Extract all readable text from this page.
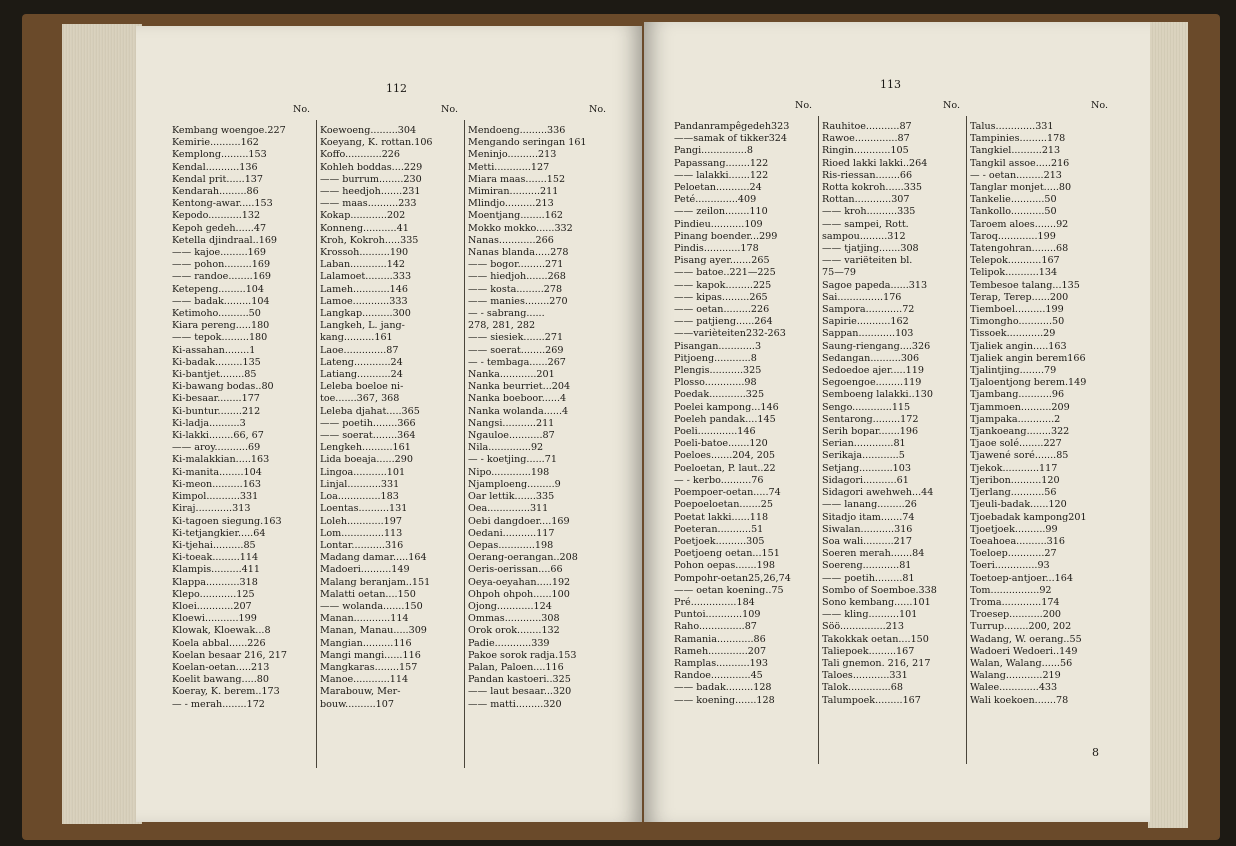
112
No.
Kembang woengoe.227
Kemirie..........162
Kemplong.........153
Kendal...........136
Kendal prit......137
Kendarah.........86
Kentong-awar.....153
Kepodo...........132
Kepoh gedeh......47
Ketella djindraal..169
—— kajoe.........169
—— pohon.........169
—— randoe........169
Ketepeng.........104
—— badak.........104
Ketimoho..........50
Kiara pereng.....180
—— tepok.........180
Ki-assahan........1
Ki-badak.........135
Ki-bantjet........85
Ki-bawang bodas..80
Ki-besaar........177
Ki-buntur........212
Ki-ladja..........3
Ki-lakki........66, 67
—— aroy...........69
Ki-malakkian.....163
Ki-manita........104
Ki-meon..........163
Kimpol...........331
Kiraj............313
Ki-tagoen siegung.163
Ki-tetjangkier.....64
Ki-tjehai..........85
Ki-toeak.........114
Klampis..........411
Klappa...........318
Klepo............125
Kloei............207
Kloewi...........199
Klowak, Kloewak...8
Koela abbal......226
Koelan besaar 216, 217
Koelan-oetan.....213
Koelit bawang.....80
Koeray, K. berem..173
— - merah........172
No.
Koewoeng.........304
Koeyang, K. rottan.106
Koffo............226
Kohleh boddas....229
—— burrum........230
—— heedjoh.......231
—— maas..........233
Kokap............202
Konneng...........41
Kroh, Kokroh.....335
Krossoh..........190
Laban............142
Lalamoet.........333
Lameh............146
Lamoe............333
Langkap..........300
Langkeh, L. jang-
kang..........161
Laoe..............87
Lateng............24
Latiang...........24
Leleba boeloe ni-
toe.......367, 368
Leleba djahat.....365
—— poetih........366
—— soerat........364
Lengkeh..........161
Lida boeaja......290
Lingoa...........101
Linjal...........331
Loa..............183
Loentas..........131
Loleh............197
Lom..............113
Lontar...........316
Madang damar.....164
Madoeri..........149
Malang beranjam..151
Malatti oetan....150
—— wolanda.......150
Manan............114
Manan, Manau.....309
Mangian..........116
Mangi mangi......116
Mangkaras........157
Manoe............114
Marabouw, Mer-
bouw..........107
No.
Mendoeng.........336
Mengando seringan 161
Meninjo..........213
Metti............127
Miara maas.......152
Mimiran..........211
Mlindjo..........213
Moentjang........162
Mokko mokko......332
Nanas............266
Nanas blanda.....278
—— bogor.........271
—— hiedjoh.......268
—— kosta.........278
—— manies........270
— - sabrang......
278, 281, 282
—— siesiek.......271
—— soerat........269
— - tembaga......267
Nanka............201
Nanka beurriet...204
Nanka boeboor......4
Nanka wolanda......4
Nangsi...........211
Ngauloe...........87
Nila..............92
— - koetjing......71
Nipo.............198
Njamploeng.........9
Oar lettik.......335
Oea..............311
Oebi dangdoer....169
Oedani...........117
Oepas............198
Oerang-oerangan..208
Oeris-oerissan....66
Oeya-oeyahan.....192
Ohpoh ohpoh......100
Ojong............124
Ommas............308
Orok orok........132
Padie............339
Pakoe sorok radja.153
Palan, Paloen....116
Pandan kastoeri..325
—— laut besaar...320
—— matti.........320
113
No.
Pandanrampêgedeh323
——samak of tikker324
Pangi...............8
Papassang........122
—— lalakki.......122
Peloetan...........24
Peté..............409
—— zeilon........110
Pindieu...........109
Pinang boender...299
Pindis............178
Pisang ayer.......265
—— batoe..221—225
—— kapok.........225
—— kipas.........265
—— oetan.........226
—— patjieng......264
——varièteiten232-263
Pisangan............3
Pitjoeng............8
Plengis...........325
Plosso.............98
Poedak............325
Poelei kampong...146
Poeleh pandak....145
Poeli.............146
Poeli-batoe.......120
Poeloes.......204, 205
Poeloetan, P. laut..22
— - kerbo..........76
Poempoer-oetan.....74
Poepoeloetan.......25
Poetat lakki......118
Poeteran...........51
Poetjoek..........305
Poetjoeng oetan...151
Pohon oepas.......198
Pompohr-oetan25,26,74
—— oetan koening..75
Pré...............184
Puntoi............109
Raho...............87
Ramania............86
Rameh.............207
Ramplas...........193
Randoe.............45
—— badak.........128
—— koening.......128
No.
Rauhitoe...........87
Rawoe..............87
Ringin............105
Rioed lakki lakki..264
Ris-riessan........66
Rotta kokroh......335
Rottan............307
—— kroh..........335
—— sampei, Rott.
sampou.........312
—— tjatjing.......308
—— variëteiten bl.
75—79
Sagoe papeda......313
Sai...............176
Sampora............72
Sapirie...........162
Sappan............103
Saung-riengang....326
Sedangan..........306
Sedoedoe ajer.....119
Segoengoe.........119
Semboeng lalakki..130
Sengo.............115
Sentarong.........172
Serih bopar.......196
Serian.............81
Serikaja............5
Setjang...........103
Sidagori...........61
Sidagori awehweh...44
—— lanang.........26
Sitadjo itam.......74
Siwalan...........316
Soa wali..........217
Soeren merah.......84
Soereng............81
—— poetih.........81
Sombo of Soemboe.338
Sono kembang......101
—— kling..........101
Söö...............213
Takokkak oetan....150
Taliepoek.........167
Tali gnemon. 216, 217
Taloes............331
Talok..............68
Talumpoek.........167
No.
Talus.............331
Tampinies.........178
Tangkiel..........213
Tangkil assoe.....216
— - oetan.........213
Tanglar monjet.....80
Tankelie...........50
Tankollo...........50
Taroem aloes.......92
Taroq.............199
Tatengohran........68
Telepok...........167
Telipok...........134
Tembesoe talang...135
Terap, Terep......200
Tiemboel..........199
Timongho...........50
Tissoek............29
Tjaliek angin.....163
Tjaliek angin berem166
Tjalintjing........79
Tjaloentjong berem.149
Tjambang...........96
Tjammoen..........209
Tjampaka............2
Tjankoeang........322
Tjaoe solé........227
Tjawené soré.......85
Tjekok............117
Tjeribon..........120
Tjerlang...........56
Tjeuli-badak......120
Tjoebadak kampong201
Tjoetjoek..........99
Toeahoea..........316
Toeloep............27
Toeri..............93
Toetoep-antjoer...164
Tom................92
Troma.............174
Troesep...........200
Turrup........200, 202
Wadang, W. oerang..55
Wadoeri Wedoeri..149
Walan, Walang......56
Walang............219
Walee.............433
Wali koekoen.......78
8
